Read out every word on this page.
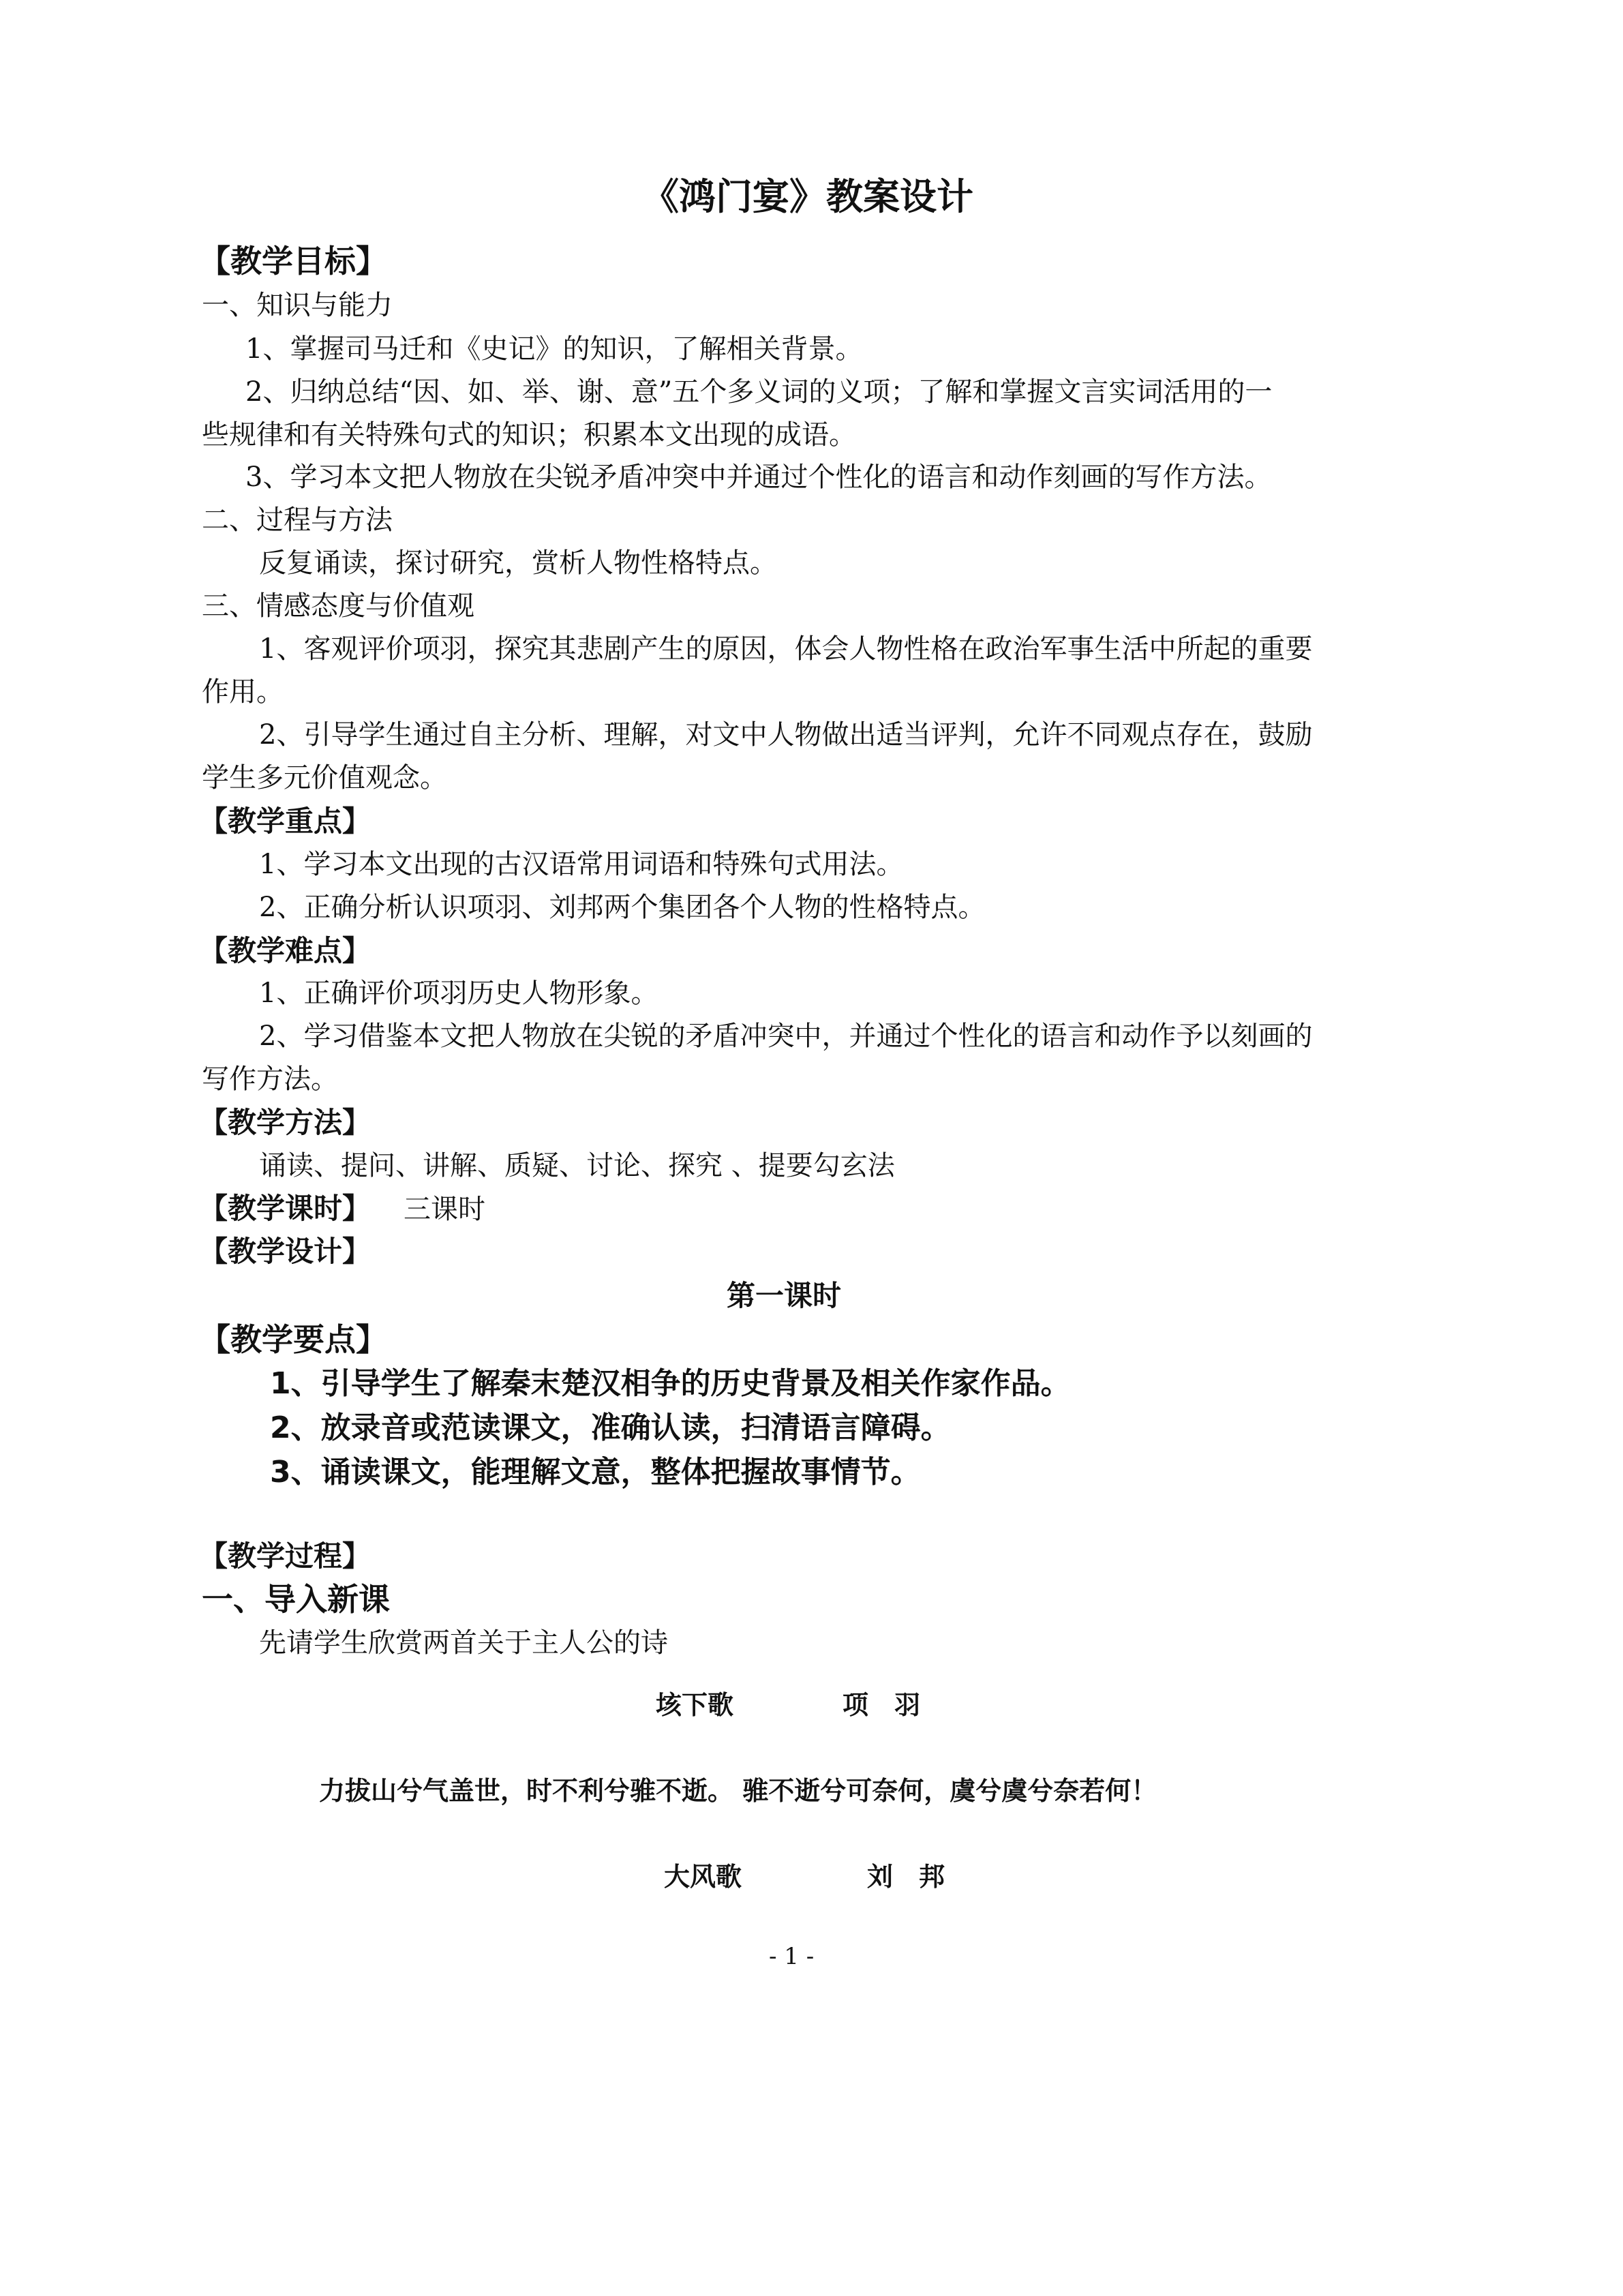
《鸿门宴》教案设计
【教学目标】
一、知识与能力
1、掌握司马迁和《史记》的知识，了解相关背景。
2、归纳总结“因、如、举、谢、意”五个多义词的义项；了解和掌握文言实词活用的一
些规律和有关特殊句式的知识；积累本文出现的成语。
3、学习本文把人物放在尖锐矛盾冲突中并通过个性化的语言和动作刻画的写作方法。
二、过程与方法
反复诵读，探讨研究，赏析人物性格特点。
三、情感态度与价值观
1、客观评价项羽，探究其悲剧产生的原因，体会人物性格在政治军事生活中所起的重要
作用。
2、引导学生通过自主分析、理解，对文中人物做出适当评判，允许不同观点存在，鼓励
学生多元价值观念。
【教学重点】
1、学习本文出现的古汉语常用词语和特殊句式用法。
2、正确分析认识项羽、刘邦两个集团各个人物的性格特点。
【教学难点】
1、正确评价项羽历史人物形象。
2、学习借鉴本文把人物放在尖锐的矛盾冲突中，并通过个性化的语言和动作予以刻画的
写作方法。
【教学方法】
诵读、提问、讲解、质疑、讨论、探究 、提要勾玄法
【教学课时】 三课时
【教学设计】
第一课时
【教学要点】
1、引导学生了解秦末楚汉相争的历史背景及相关作家作品。
2、放录音或范读课文，准确认读，扫清语言障碍。
3、诵读课文，能理解文意，整体把握故事情节。
【教学过程】
一、导入新课
先请学生欣赏两首关于主人公的诗
垓下歌	项　羽
力拔山兮气盖世，时不利兮骓不逝。 骓不逝兮可奈何，虞兮虞兮奈若何！
大风歌	刘　邦
- 1 -
